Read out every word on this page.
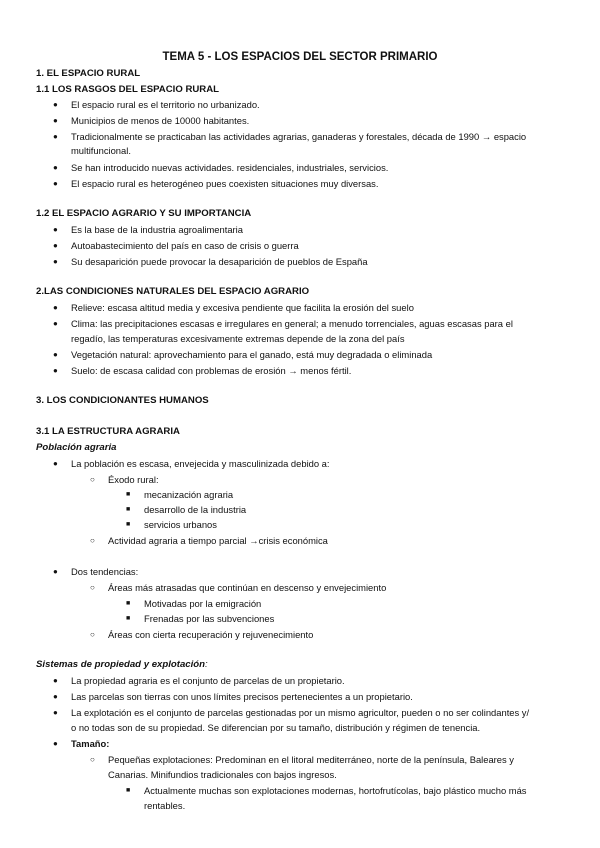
TEMA 5 - LOS ESPACIOS DEL SECTOR PRIMARIO
1. EL ESPACIO RURAL
1.1 LOS RASGOS DEL ESPACIO RURAL
● El espacio rural es el territorio no urbanizado.
● Municipios de menos de 10000 habitantes.
● Tradicionalmente se practicaban las actividades agrarias, ganaderas y forestales, década de 1990 → espacio
multifuncional.
● Se han introducido nuevas actividades. residenciales, industriales, servicios.
● El espacio rural es heterogéneo pues coexisten situaciones muy diversas.
1.2 EL ESPACIO AGRARIO Y SU IMPORTANCIA
● Es la base de la industria agroalimentaria
● Autoabastecimiento del país en caso de crisis o guerra
● Su desaparición puede provocar la desaparición de pueblos de España
2.LAS CONDICIONES NATURALES DEL ESPACIO AGRARIO
● Relieve: escasa altitud media y excesiva pendiente que facilita la erosión del suelo
● Clima: las precipitaciones escasas e irregulares en general; a menudo torrenciales, aguas escasas para el
regadío, las temperaturas excesivamente extremas depende de la zona del país
● Vegetación natural: aprovechamiento para el ganado, está muy degradada o eliminada
● Suelo: de escasa calidad con problemas de erosión → menos fértil.
3. LOS CONDICIONANTES HUMANOS
3.1 LA ESTRUCTURA AGRARIA
Población agraria
● La población es escasa, envejecida y masculinizada debido a:
○ Éxodo rural:
■ mecanización agraria
■ desarrollo de la industria
■ servicios urbanos
○ Actividad agraria a tiempo parcial →crisis económica
● Dos tendencias:
○ Áreas más atrasadas que continúan en descenso y envejecimiento
■ Motivadas por la emigración
■ Frenadas por las subvenciones
○ Áreas con cierta recuperación y rejuvenecimiento
Sistemas de propiedad y explotación:
● La propiedad agraria es el conjunto de parcelas de un propietario.
● Las parcelas son tierras con unos límites precisos pertenecientes a un propietario.
● La explotación es el conjunto de parcelas gestionadas por un mismo agricultor, pueden o no ser colindantes y/
o no todas son de su propiedad. Se diferencian por su tamaño, distribución y régimen de tenencia.
● Tamaño:
○ Pequeñas explotaciones: Predominan en el litoral mediterráneo, norte de la península, Baleares y
Canarias. Minifundios tradicionales con bajos ingresos.
■ Actualmente muchas son explotaciones modernas, hortofrutícolas, bajo plástico mucho más
rentables.
